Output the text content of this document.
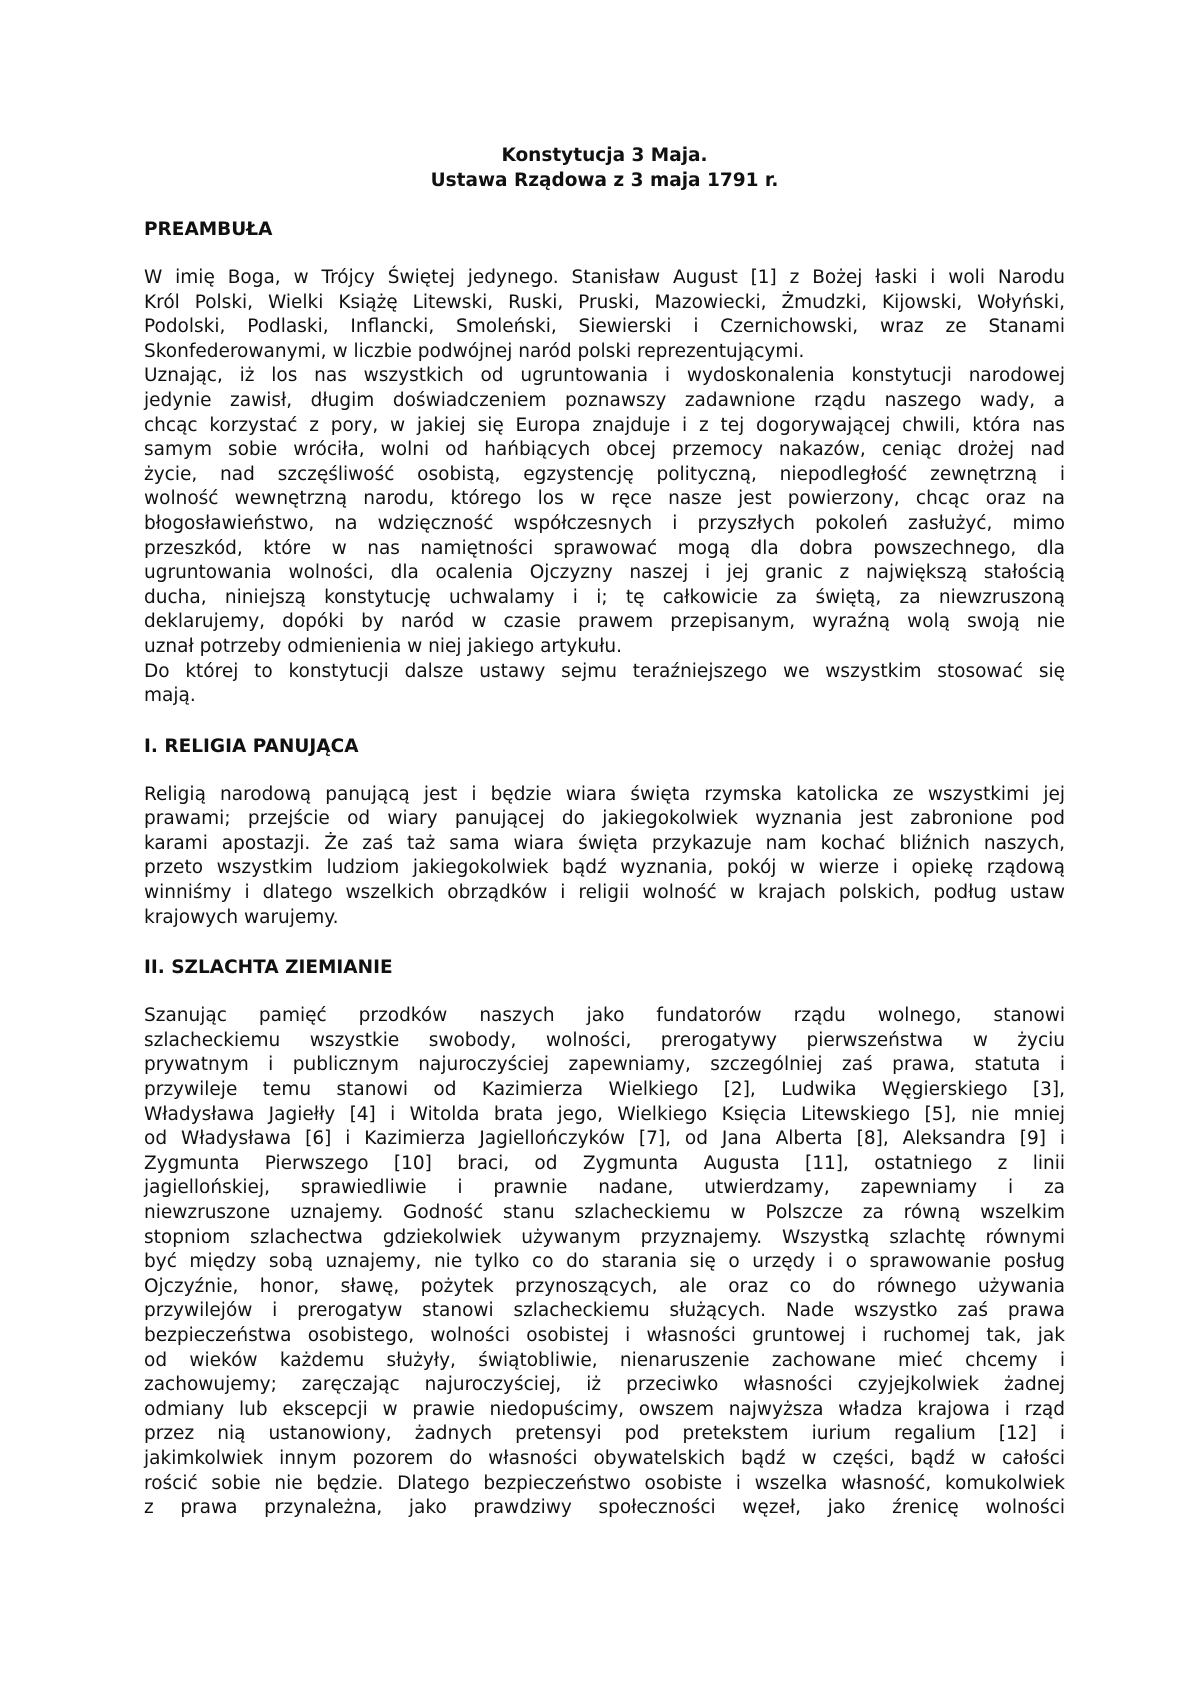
Konstytucja 3 Maja.
Ustawa Rządowa z 3 maja 1791 r.
PREAMBUŁA
W imię Boga, w Trójcy Świętej jedynego. Stanisław August [1] z Bożej łaski i woli Narodu
Król Polski, Wielki Książę Litewski, Ruski, Pruski, Mazowiecki, Żmudzki, Kijowski, Wołyński,
Podolski, Podlaski, Inflancki, Smoleński, Siewierski i Czernichowski, wraz ze Stanami
Skonfederowanymi, w liczbie podwójnej naród polski reprezentującymi.
Uznając, iż los nas wszystkich od ugruntowania i wydoskonalenia konstytucji narodowej
jedynie zawisł, długim doświadczeniem poznawszy zadawnione rządu naszego wady, a
chcąc korzystać z pory, w jakiej się Europa znajduje i z tej dogorywającej chwili, która nas
samym sobie wróciła, wolni od hańbiących obcej przemocy nakazów, ceniąc drożej nad
życie, nad szczęśliwość osobistą, egzystencję polityczną, niepodległość zewnętrzną i
wolność wewnętrzną narodu, którego los w ręce nasze jest powierzony, chcąc oraz na
błogosławieństwo, na wdzięczność współczesnych i przyszłych pokoleń zasłużyć, mimo
przeszkód, które w nas namiętności sprawować mogą dla dobra powszechnego, dla
ugruntowania wolności, dla ocalenia Ojczyzny naszej i jej granic z największą stałością
ducha, niniejszą konstytucję uchwalamy i i; tę całkowicie za świętą, za niewzruszoną
deklarujemy, dopóki by naród w czasie prawem przepisanym, wyraźną wolą swoją nie
uznał potrzeby odmienienia w niej jakiego artykułu.
Do której to konstytucji dalsze ustawy sejmu teraźniejszego we wszystkim stosować się
mają.
I. RELIGIA PANUJĄCA
Religią narodową panującą jest i będzie wiara święta rzymska katolicka ze wszystkimi jej
prawami; przejście od wiary panującej do jakiegokolwiek wyznania jest zabronione pod
karami apostazji. Że zaś taż sama wiara święta przykazuje nam kochać bliźnich naszych,
przeto wszystkim ludziom jakiegokolwiek bądź wyznania, pokój w wierze i opiekę rządową
winniśmy i dlatego wszelkich obrządków i religii wolność w krajach polskich, podług ustaw
krajowych warujemy.
II. SZLACHTA ZIEMIANIE
Szanując pamięć przodków naszych jako fundatorów rządu wolnego, stanowi
szlacheckiemu wszystkie swobody, wolności, prerogatywy pierwszeństwa w życiu
prywatnym i publicznym najuroczyściej zapewniamy, szczególniej zaś prawa, statuta i
przywileje temu stanowi od Kazimierza Wielkiego [2], Ludwika Węgierskiego [3],
Władysława Jagiełły [4] i Witolda brata jego, Wielkiego Księcia Litewskiego [5], nie mniej
od Władysława [6] i Kazimierza Jagiellończyków [7], od Jana Alberta [8], Aleksandra [9] i
Zygmunta Pierwszego [10] braci, od Zygmunta Augusta [11], ostatniego z linii
jagiellońskiej, sprawiedliwie i prawnie nadane, utwierdzamy, zapewniamy i za
niewzruszone uznajemy. Godność stanu szlacheckiemu w Polszcze za równą wszelkim
stopniom szlachectwa gdziekolwiek używanym przyznajemy. Wszystką szlachtę równymi
być między sobą uznajemy, nie tylko co do starania się o urzędy i o sprawowanie posług
Ojczyźnie, honor, sławę, pożytek przynoszących, ale oraz co do równego używania
przywilejów i prerogatyw stanowi szlacheckiemu służących. Nade wszystko zaś prawa
bezpieczeństwa osobistego, wolności osobistej i własności gruntowej i ruchomej tak, jak
od wieków każdemu służyły, świątobliwie, nienaruszenie zachowane mieć chcemy i
zachowujemy; zaręczając najuroczyściej, iż przeciwko własności czyjejkolwiek żadnej
odmiany lub ekscepcji w prawie niedopuścimy, owszem najwyższa władza krajowa i rząd
przez nią ustanowiony, żadnych pretensyi pod pretekstem iurium regalium [12] i
jakimkolwiek innym pozorem do własności obywatelskich bądź w części, bądź w całości
rościć sobie nie będzie. Dlatego bezpieczeństwo osobiste i wszelka własność, komukolwiek
z prawa przynależna, jako prawdziwy społeczności węzeł, jako źrenicę wolności
